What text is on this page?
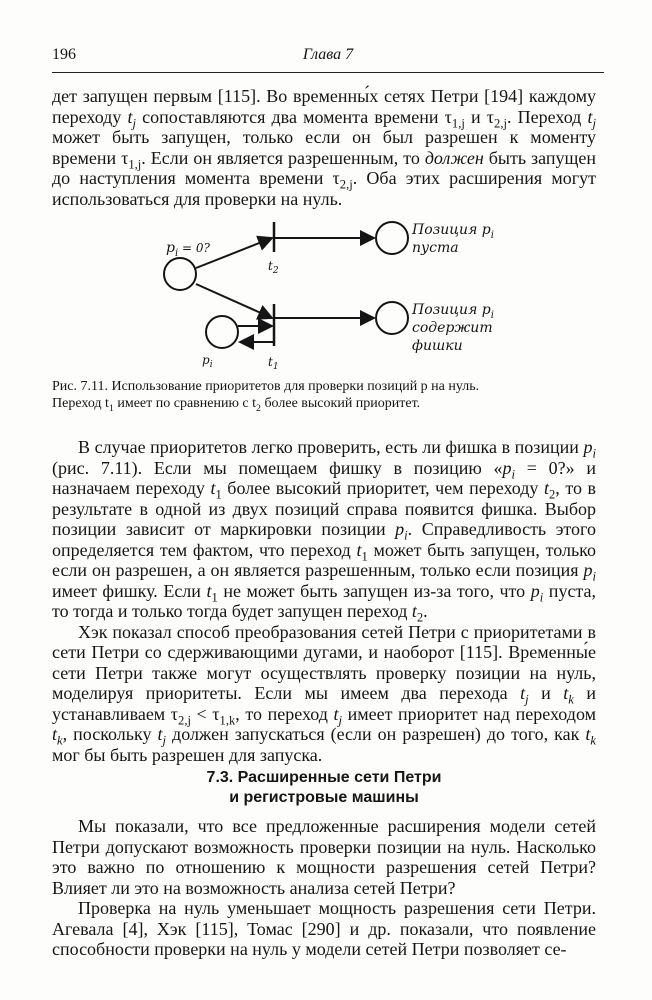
196	Глава 7

дет запущен первым [115]. Во временны́х сетях Петри [194] каждому переходу $t_j$ сопоставляются два момента времени $\tau_{1,j}$ и $\tau_{2,j}$. Переход $t_j$ может быть запущен, только если он был разрешен к моменту времени $\tau_{1,j}$. Если он является разрешенным, то должен быть запущен до наступления момента времени $\tau_{2,j}$. Оба этих расширения могут использоваться для проверки на нуль.

$p_i = 0$?
$t_2$
$t_1$
Позиция $p_i$
пуста
Позиция $p_i$
содержит
фишки
$p_i$
Рис. 7.11. Использование приоритетов для проверки позиций p на нуль.
Переход $t_1$ имеет по сравнению с $t_2$ более высокий приоритет.

В случае приоритетов легко проверить, есть ли фишка в позиции $p_i$ (рис. 7.11). Если мы помещаем фишку в позицию «$p_i = 0$?» и назначаем переходу $t_1$ более высокий приоритет, чем переходу $t_2$, то в результате в одной из двух позиций справа появится фишка. Выбор позиции зависит от маркировки позиции $p_i$. Справедливость этого определяется тем фактом, что переход $t_1$ может быть запущен, только если он разрешен, а он является разрешенным, только если позиция $p_i$ имеет фишку. Если $t_1$ не может быть запущен из-за того, что $p_i$ пуста, то тогда и только тогда будет запущен переход $t_2$.

Хэк показал способ преобразования сетей Петри с приоритетами в сети Петри со сдерживающими дугами, и наоборот [115]. Временны́е сети Петри также могут осуществлять проверку позиции на нуль, моделируя приоритеты. Если мы имеем два перехода $t_j$ и $t_k$ и устанавливаем $\tau_{2,j} < \tau_{1,k}$, то переход $t_j$ имеет приоритет над переходом $t_k$, поскольку $t_j$ должен запускаться (если он разрешен) до того, как $t_k$ мог бы быть разрешен для запуска.

7.3. Расширенные сети Петри
и регистровые машины

Мы показали, что все предложенные расширения модели сетей Петри допускают возможность проверки позиции на нуль. Насколько это важно по отношению к мощности разрешения сетей Петри? Влияет ли это на возможность анализа сетей Петри?

Проверка на нуль уменьшает мощность разрешения сети Петри. Агевала [4], Хэк [115], Томас [290] и др. показали, что появление способности проверки на нуль у модели сетей Петри позволяет се-
